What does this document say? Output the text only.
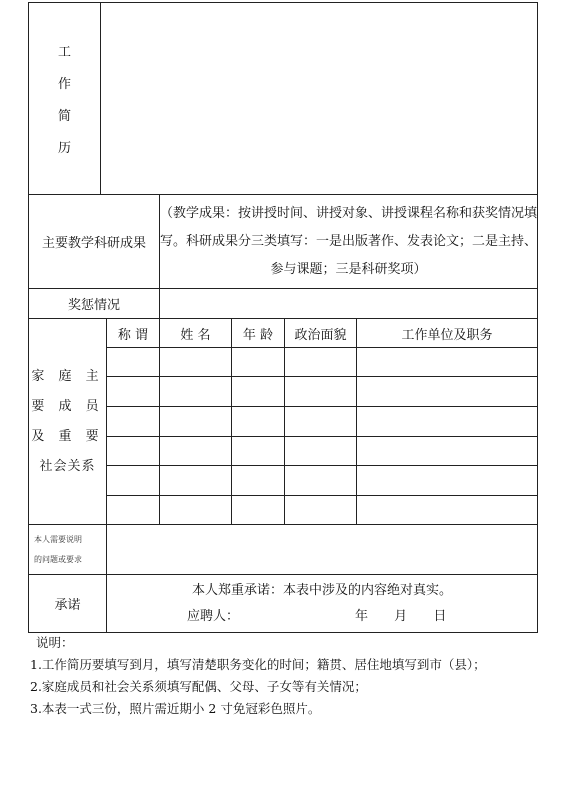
工
作
简
历						

主要教学科研成果			（教学成果：按讲授时间、讲授对象、讲授课程名称和获奖情况填写。科研成果分三类填写：一是出版著作、发表论文；二是主持、参与课题；三是科研奖项）			
奖惩情况						

家 庭 主
要 成 员
及 重 要
社会关系		称 谓	姓 名	年 龄	政治面貌	工作单位及职务

本人需要说明
的问题或要求						

承诺		本人郑重承诺：本表中涉及的内容绝对真实。
应聘人： 年 月 日				
说明：
1.工作简历要填写到月，填写清楚职务变化的时间；籍贯、居住地填写到市（县）；
2.家庭成员和社会关系须填写配偶、父母、子女等有关情况；
3.本表一式三份，照片需近期小 2 寸免冠彩色照片。
